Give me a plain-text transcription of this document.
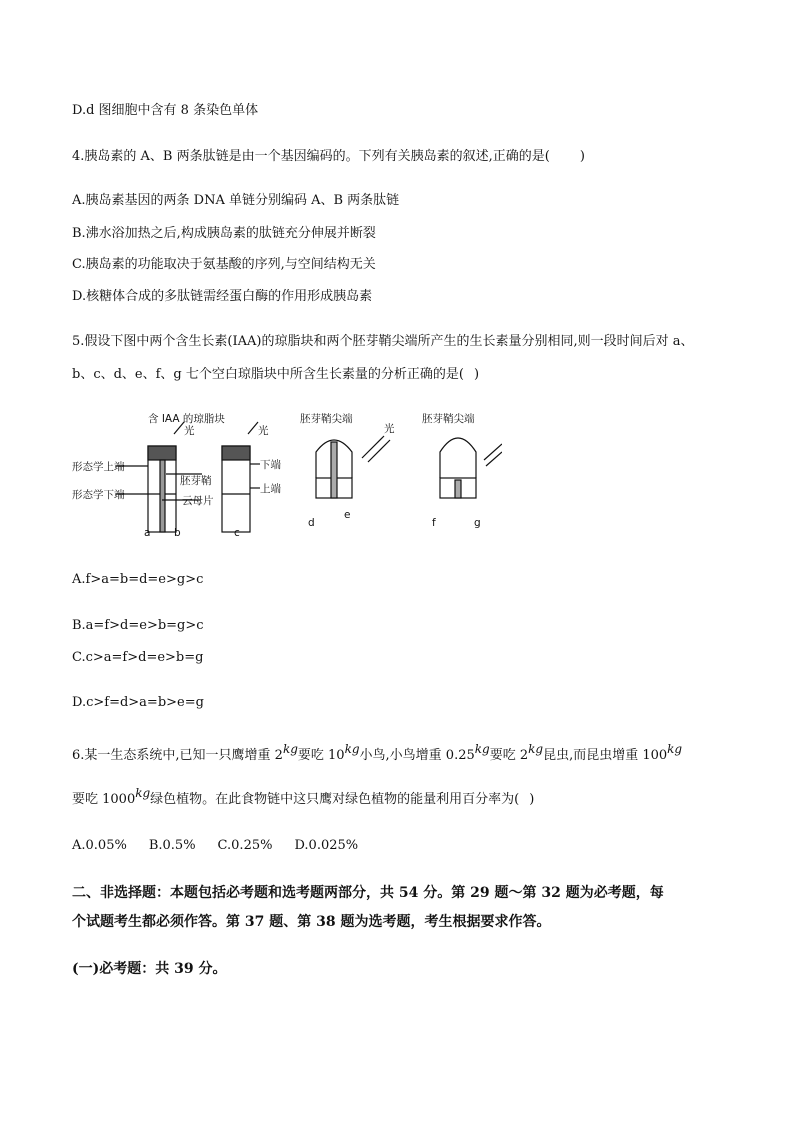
D.d 图细胞中含有 8 条染色单体
4.胰岛素的 A、B 两条肽链是由一个基因编码的。下列有关胰岛素的叙述,正确的是( )
A.胰岛素基因的两条 DNA 单链分别编码 A、B 两条肽链
B.沸水浴加热之后,构成胰岛素的肽链充分伸展并断裂
C.胰岛素的功能取决于氨基酸的序列,与空间结构无关
D.核糖体合成的多肽链需经蛋白酶的作用形成胰岛素
5.假设下图中两个含生长素(IAA)的琼脂块和两个胚芽鞘尖端所产生的生长素量分别相同,则一段时间后对 a、
b、c、d、e、f、g 七个空白琼脂块中所含生长素量的分析正确的是( )
含 IAA 的琼脂块
光	光	光
形态学上端
形态学下端
胚芽鞘
云母片
下端
上端
胚芽鞘尖端	胚芽鞘尖端
a b	c
d
e
f	g
A.f>a=b=d=e>g>c
B.a=f>d=e>b=g>c
C.c>a=f>d=e>b=g
D.c>f=d>a=b>e=g
6.某一生态系统中,已知一只鹰增重 2kg要吃 10kg小鸟,小鸟增重 0.25kg要吃 2kg昆虫,而昆虫增重 100kg
要吃 1000kg绿色植物。在此食物链中这只鹰对绿色植物的能量利用百分率为( )
A.0.05% B.0.5% C.0.25% D.0.025%
二、非选择题：本题包括必考题和选考题两部分，共 54 分。第 29 题～第 32 题为必考题，每
个试题考生都必须作答。第 37 题、第 38 题为选考题，考生根据要求作答。
(一)必考题：共 39 分。
